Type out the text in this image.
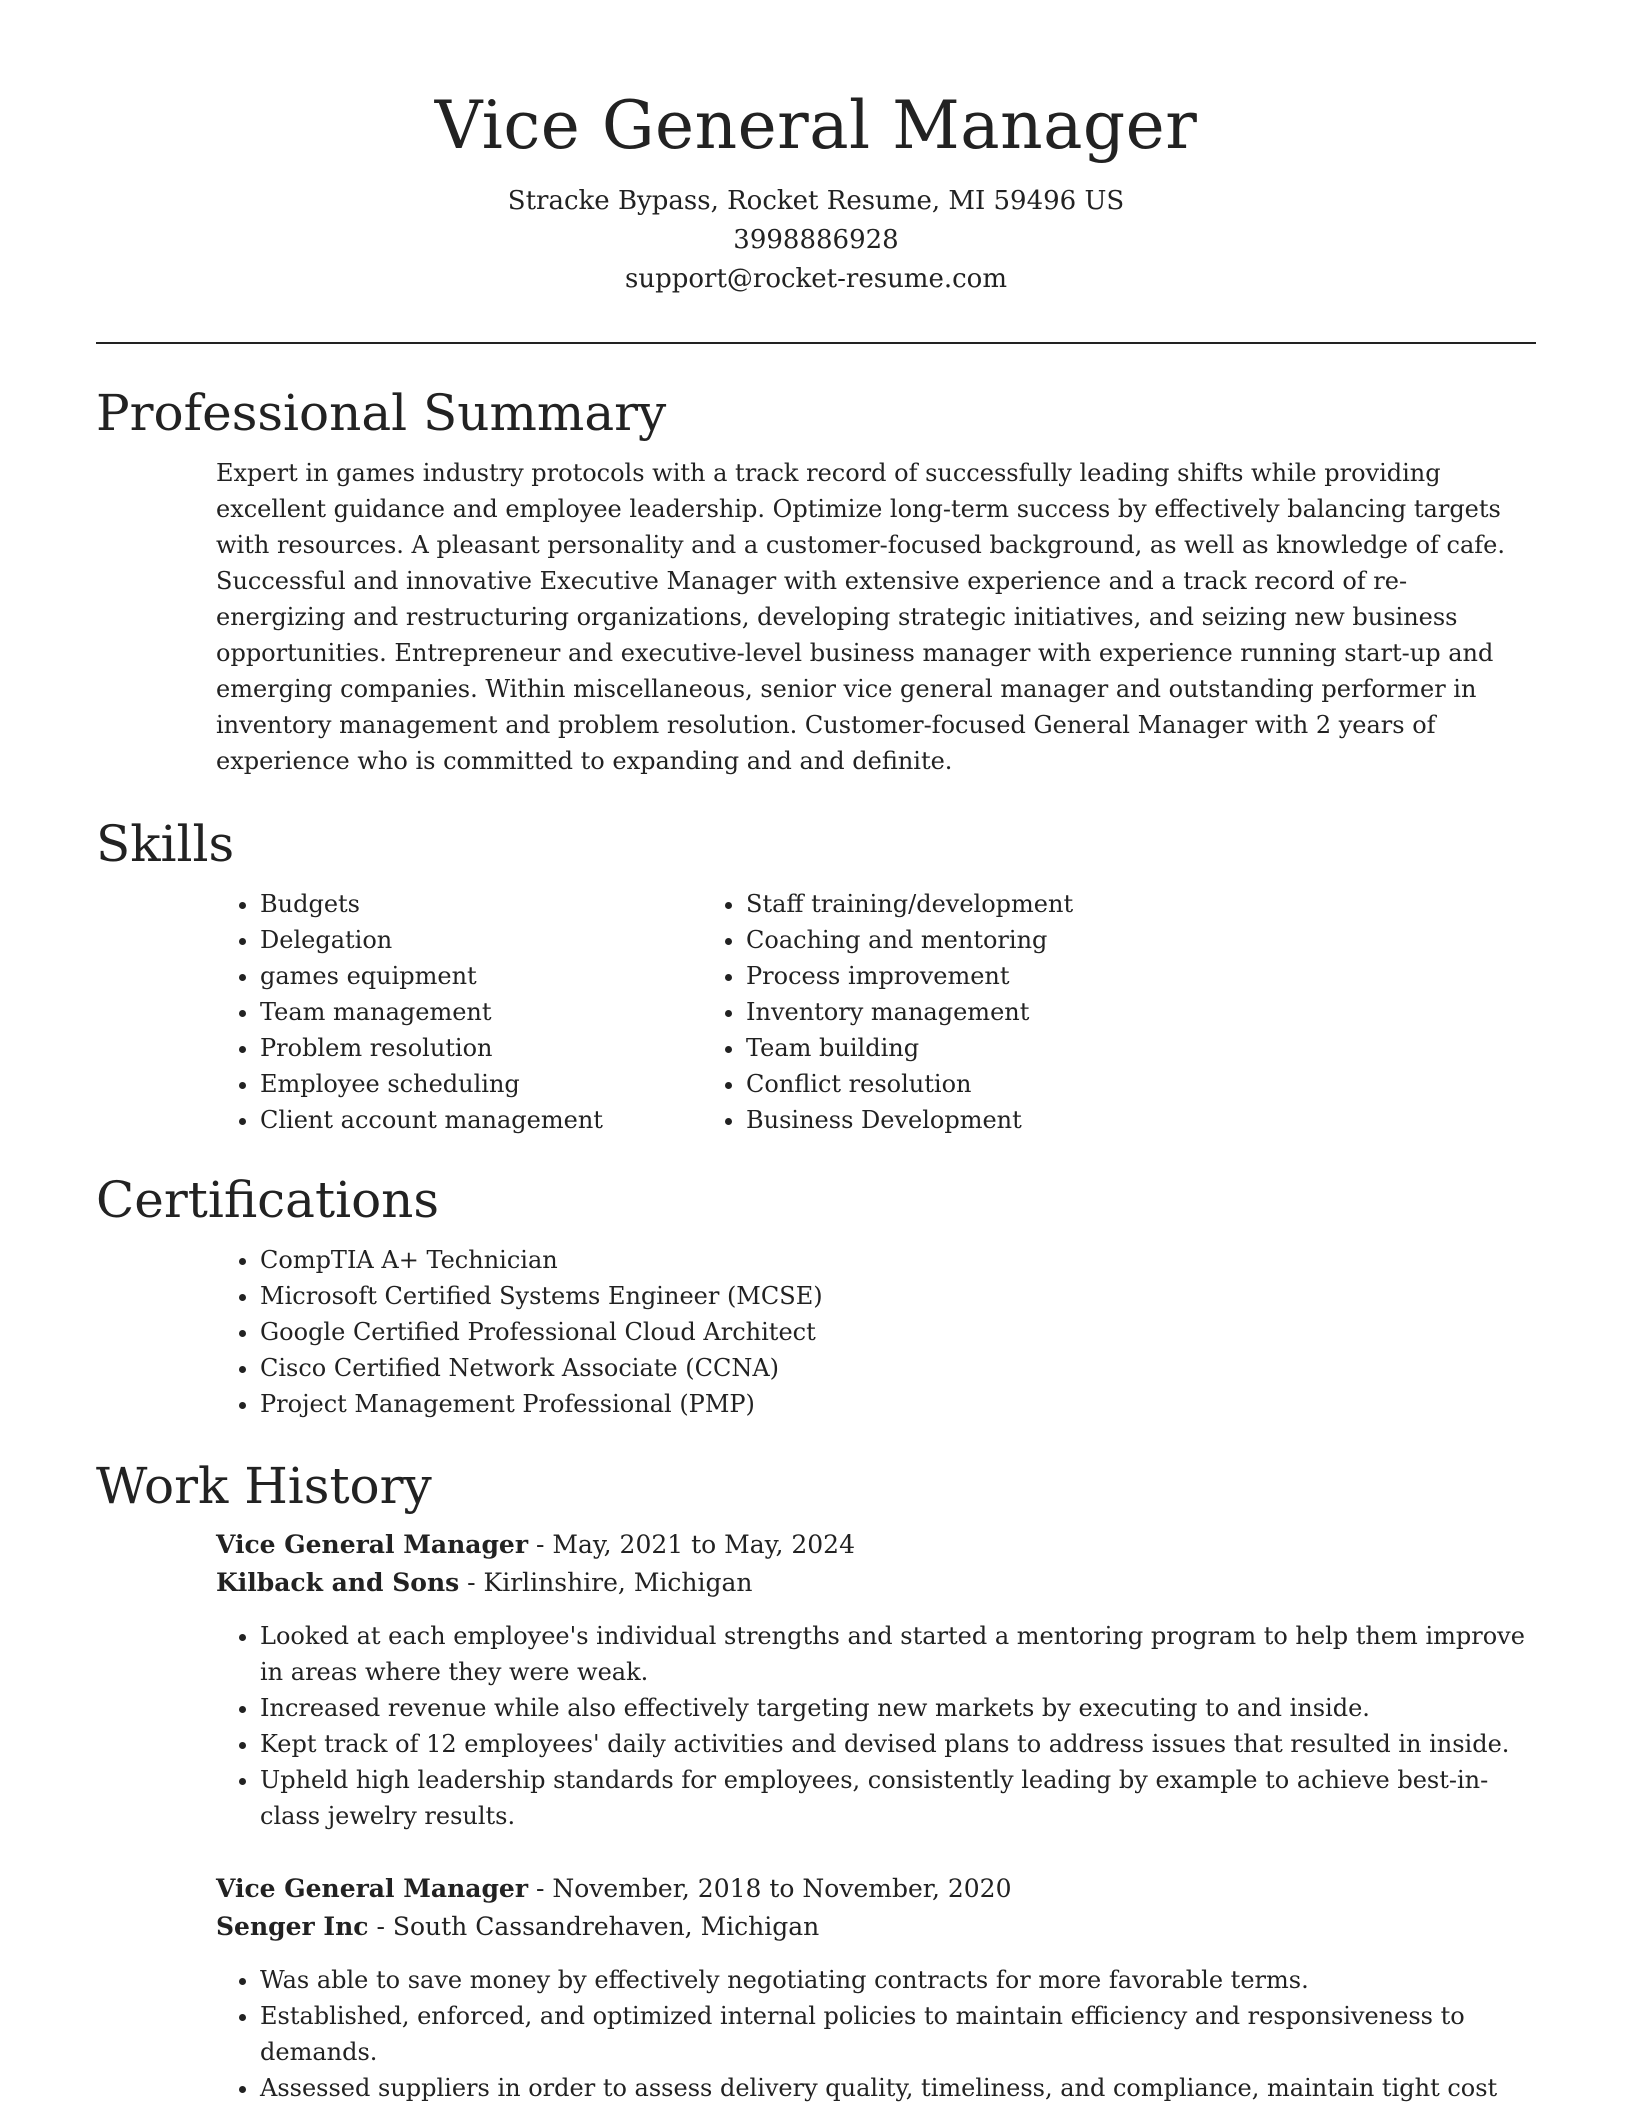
Vice General Manager
Stracke Bypass, Rocket Resume, MI 59496 US
3998886928
support@rocket-resume.com
Professional Summary

Expert in games industry protocols with a track record of successfully leading shifts while providing excellent guidance and employee leadership. Optimize long-term success by effectively balancing targets with resources. A pleasant personality and a customer-focused background, as well as knowledge of cafe. Successful and innovative Executive Manager with extensive experience and a track record of re-energizing and restructuring organizations, developing strategic initiatives, and seizing new business opportunities. Entrepreneur and executive-level business manager with experience running start-up and emerging companies. Within miscellaneous, senior vice general manager and outstanding performer in inventory management and problem resolution. Customer-focused General Manager with 2 years of experience who is committed to expanding and and definite.

Skills
• Budgets
• Delegation
• games equipment
• Team management
• Problem resolution
• Employee scheduling
• Client account management
• Staff training/development
• Coaching and mentoring
• Process improvement
• Inventory management
• Team building
• Conflict resolution
• Business Development
Certifications
• CompTIA A+ Technician
• Microsoft Certified Systems Engineer (MCSE)
• Google Certified Professional Cloud Architect
• Cisco Certified Network Associate (CCNA)
• Project Management Professional (PMP)
Work History
Vice General Manager - May, 2021 to May, 2024
Kilback and Sons - Kirlinshire, Michigan
• Looked at each employee's individual strengths and started a mentoring program to help them improve in areas where they were weak.
• Increased revenue while also effectively targeting new markets by executing to and inside.
• Kept track of 12 employees' daily activities and devised plans to address issues that resulted in inside.
• Upheld high leadership standards for employees, consistently leading by example to achieve best-in-class jewelry results.
Vice General Manager - November, 2018 to November, 2020
Senger Inc - South Cassandrehaven, Michigan
• Was able to save money by effectively negotiating contracts for more favorable terms.
• Established, enforced, and optimized internal policies to maintain efficiency and responsiveness to demands.
• Assessed suppliers in order to assess delivery quality, timeliness, and compliance, maintain tight cost
